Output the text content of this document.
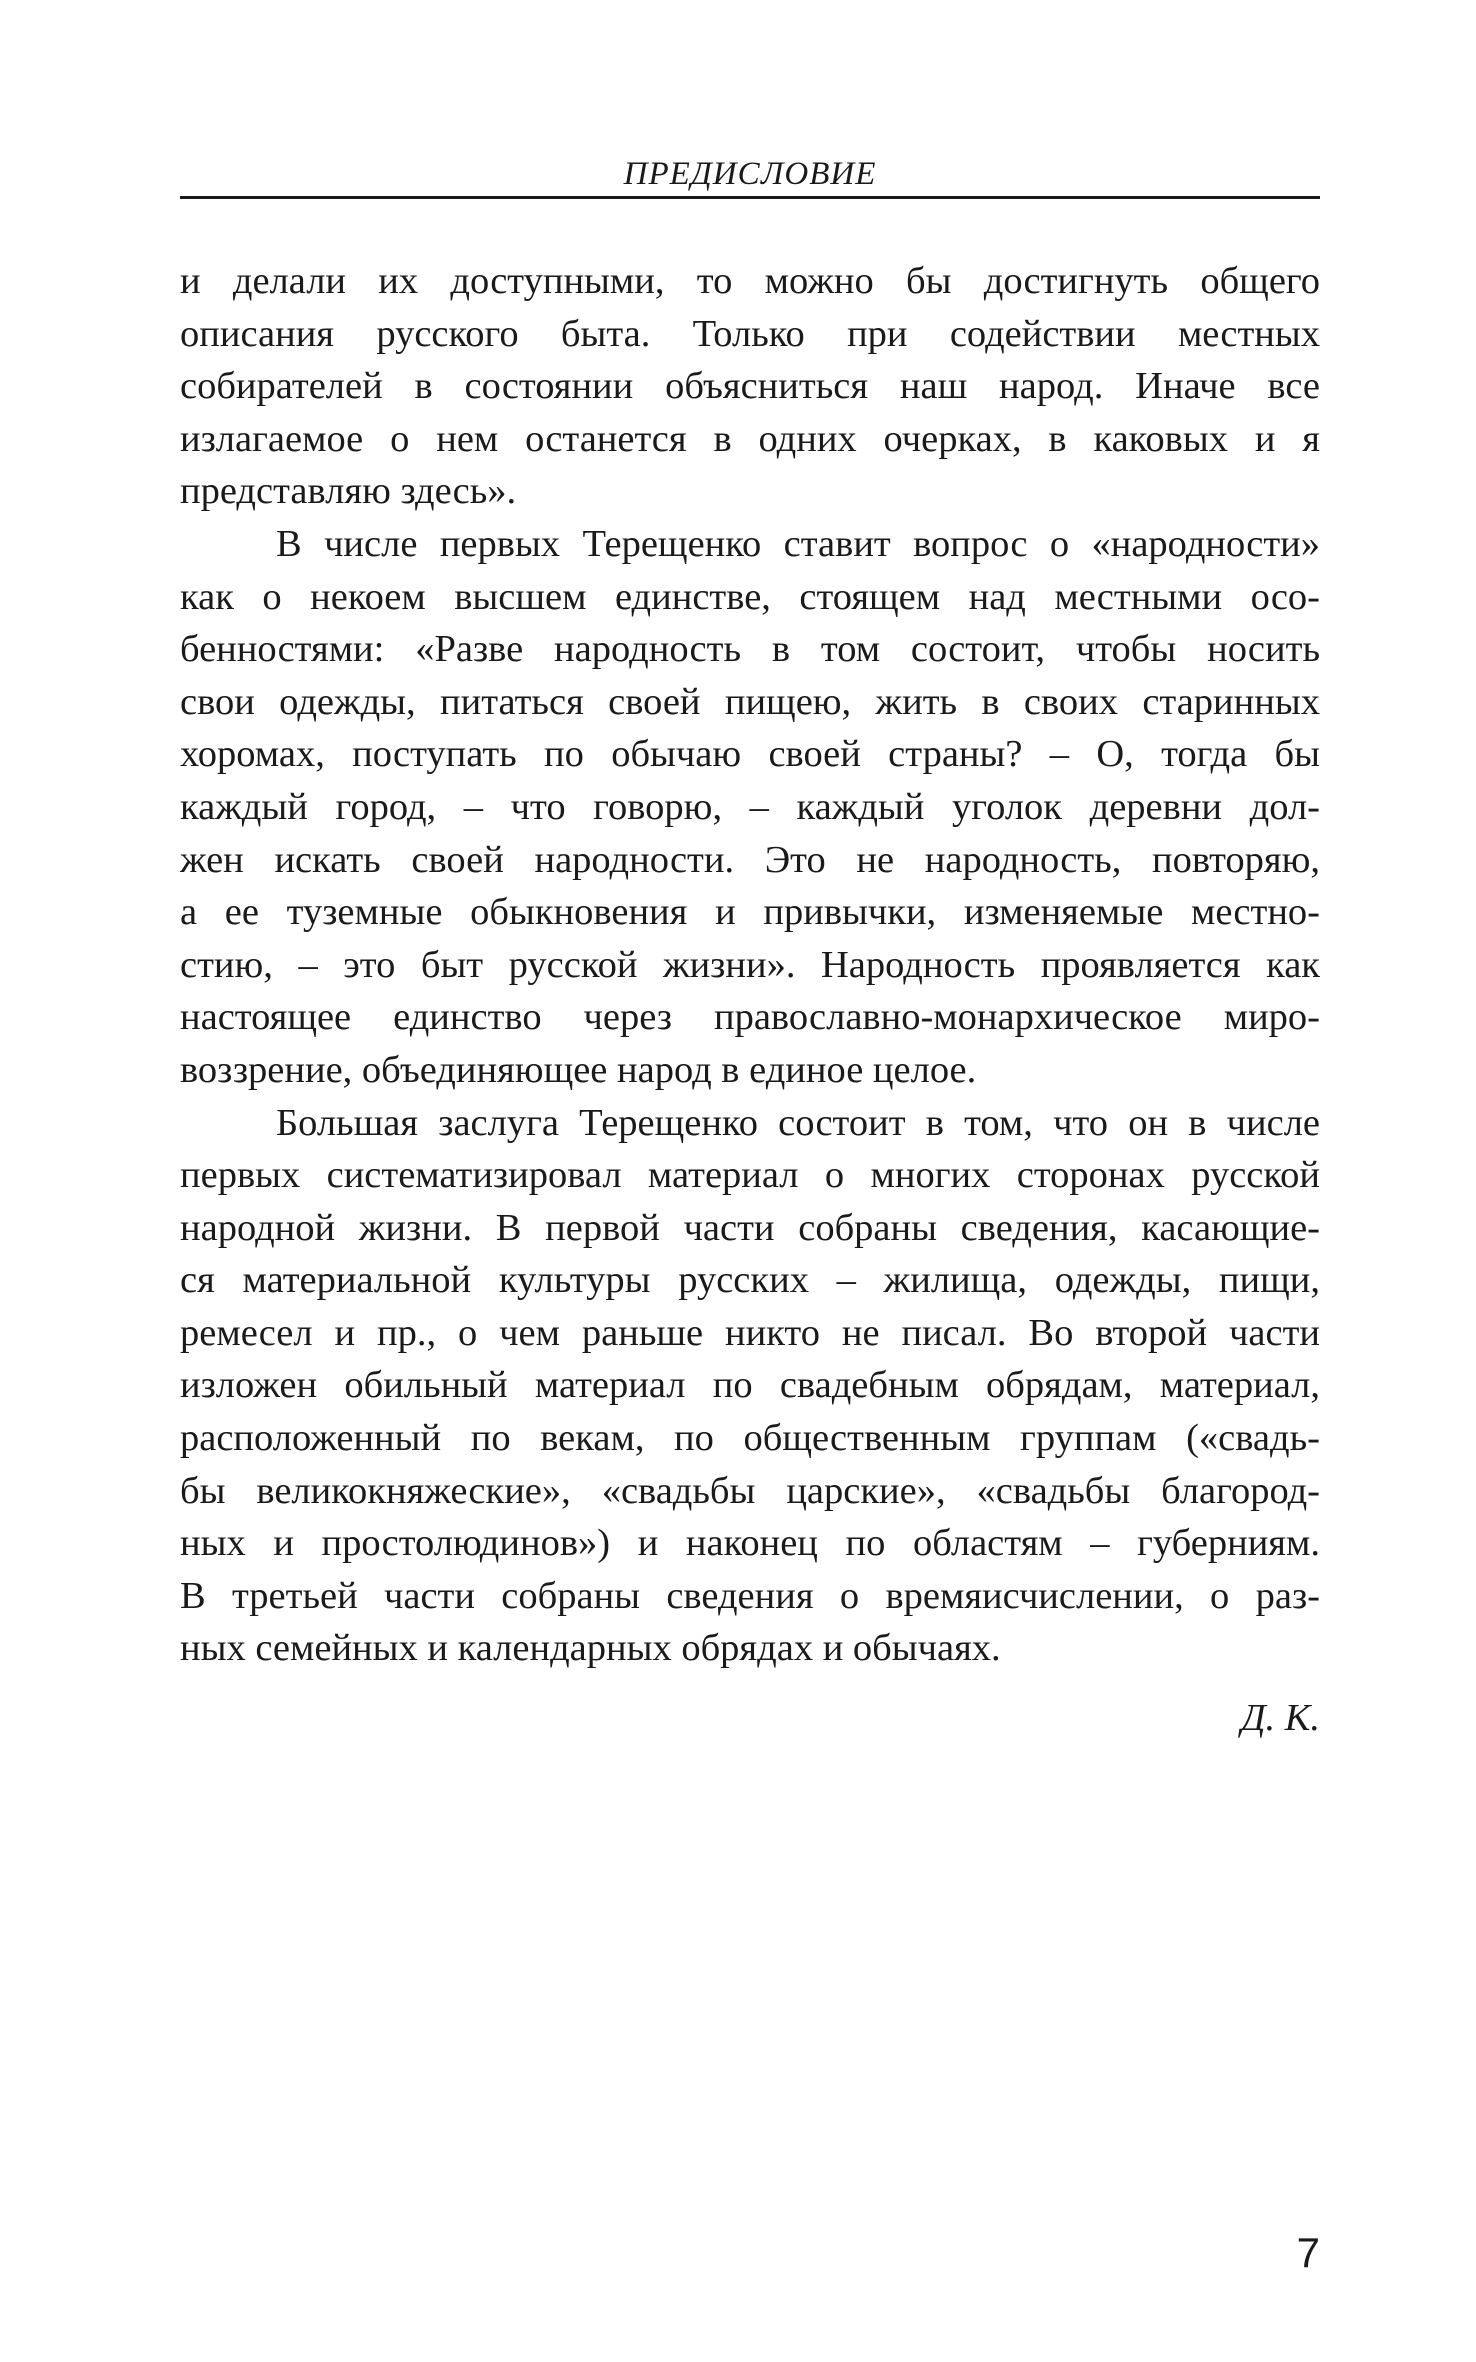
ПРЕДИСЛОВИЕ
и делали их доступными, то можно бы достигнуть общего
описания русского быта. Только при содействии местных
собирателей в состоянии объясниться наш народ. Иначе все
излагаемое о нем останется в одних очерках, в каковых и я
представляю здесь».
В числе первых Терещенко ставит вопрос о «народности»
как о некоем высшем единстве, стоящем над местными осо-
бенностями: «Разве народность в том состоит, чтобы носить
свои одежды, питаться своей пищею, жить в своих старинных
хоромах, поступать по обычаю своей страны? – О, тогда бы
каждый город, – что говорю, – каждый уголок деревни дол-
жен искать своей народности. Это не народность, повторяю,
а ее туземные обыкновения и привычки, изменяемые местно-
стию, – это быт русской жизни». Народность проявляется как
настоящее единство через православно-монархическое миро-
воззрение, объединяющее народ в единое целое.
Большая заслуга Терещенко состоит в том, что он в числе
первых систематизировал материал о многих сторонах русской
народной жизни. В первой части собраны сведения, касающие-
ся материальной культуры русских – жилища, одежды, пищи,
ремесел и пр., о чем раньше никто не писал. Во второй части
изложен обильный материал по свадебным обрядам, материал,
расположенный по векам, по общественным группам («свадь-
бы великокняжеские», «свадьбы царские», «свадьбы благород-
ных и простолюдинов») и наконец по областям – губерниям.
В третьей части собраны сведения о времяисчислении, о раз-
ных семейных и календарных обрядах и обычаях.
Д. К.
7
